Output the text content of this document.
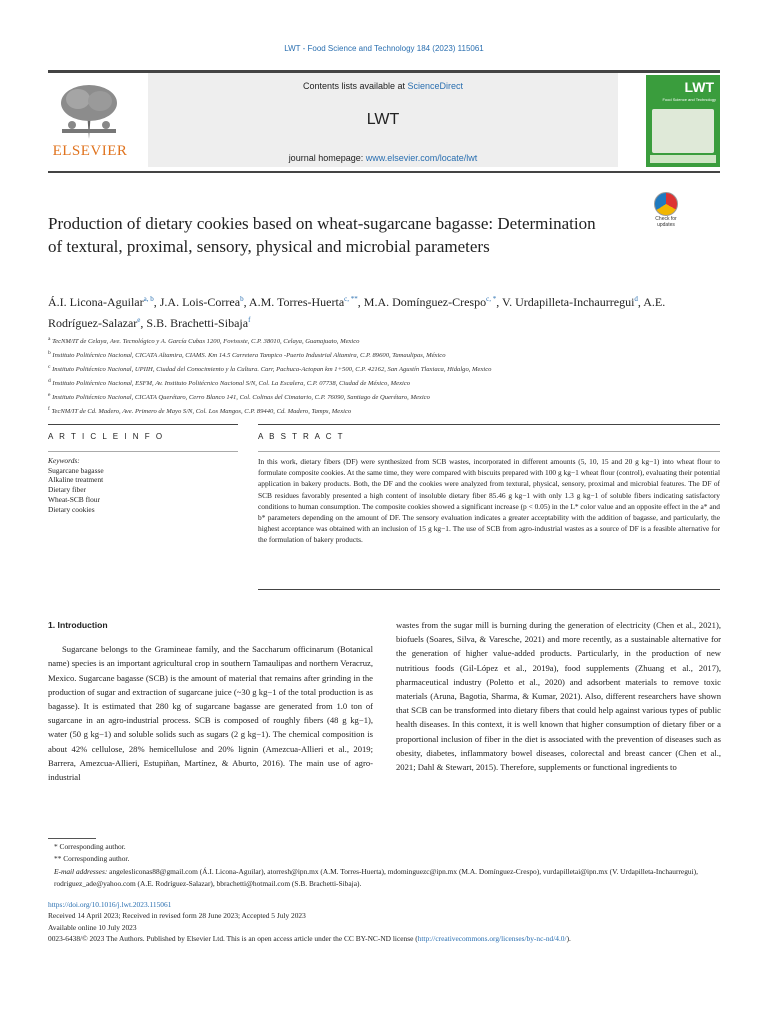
LWT - Food Science and Technology 184 (2023) 115061
ELSEVIER
Contents lists available at ScienceDirect
LWT
journal homepage: www.elsevier.com/locate/lwt
LWT
Food Science and Technology
Check for
updates
Production of dietary cookies based on wheat-sugarcane bagasse: Determination of textural, proximal, sensory, physical and microbial parameters
Á.I. Licona-Aguilar$^{a, b}$, J.A. Lois-Correa$^b$, A.M. Torres-Huerta$^{c, **}$, M.A. Domínguez-Crespo$^{c, *}$, V. Urdapilleta-Inchaurregui$^d$, A.E. Rodríguez-Salazar$^e$, S.B. Brachetti-Sibaja$^f$
$^a$ TecNM/IT de Celaya, Ave. Tecnológico y A. García Cubas 1200, Fovissste, C.P. 38010, Celaya, Guanajuato, Mexico
$^b$ Instituto Politécnico Nacional, CICATA Altamira, CIAMS. Km 14.5 Carretera Tampico -Puerto Industrial Altamira, C.P. 89600, Tamaulipas, México
$^c$ Instituto Politécnico Nacional, UPIIH, Ciudad del Conocimiento y la Cultura. Carr, Pachuca-Actopan km 1+500, C.P. 42162, San Agustín Tlaxiaca, Hidalgo, Mexico
$^d$ Instituto Politécnico Nacional, ESFM, Av. Instituto Politécnico Nacional S/N, Col. La Escalera, C.P. 07738, Ciudad de México, Mexico
$^e$ Instituto Politécnico Nacional, CICATA Querétaro, Cerro Blanco 141, Col. Colinas del Cimatario, C.P. 76090, Santiago de Querétaro, Mexico
$^f$ TecNM/IT de Cd. Madero, Ave. Primero de Mayo S/N, Col. Los Mangos, C.P. 89440, Cd. Madero, Tamps, Mexico
A R T I C L E I N F O	A B S T R A C T
Keywords:
Sugarcane bagasse
Alkaline treatment
Dietary fiber
Wheat-SCB flour
Dietary cookies
In this work, dietary fibers (DF) were synthesized from SCB wastes, incorporated in different amounts (5, 10, 15 and 20 g kg−1) into wheat flour to formulate composite cookies. At the same time, they were compared with biscuits prepared with 100 g kg−1 wheat flour (control), evaluating their potential application in bakery products. Both, the DF and the cookies were analyzed from textural, physical, sensory, proximal and microbial features. The DF of SCB residues favorably presented a high content of insoluble dietary fiber 85.46 g kg−1 with only 1.3 g kg−1 of soluble fibers indicating satisfactory conditions to human consumption. The composite cookies showed a significant increase (p < 0.05) in the L* color value and an opposite effect in the a* and b* parameters depending on the amount of DF. The sensory evaluation indicates a greater acceptability with the addition of bagasse, and particularly, the highest acceptance was obtained with an inclusion of 15 g kg−1. The use of SCB from agro-industrial wastes as a source of DF is a feasible alternative for the formulation of bakery products.
1. Introduction

Sugarcane belongs to the Gramineae family, and the Saccharum officinarum (Botanical name) species is an important agricultural crop in southern Tamaulipas and northern Veracruz, Mexico. Sugarcane bagasse (SCB) is the amount of material that remains after grinding in the production of sugar and extraction of sugarcane juice (~30 g kg−1 of the total production is as bagasse). It is estimated that 280 kg of sugarcane bagasse are generated from 1.0 ton of sugarcane in an agro-industrial process. SCB is composed of roughly fibers (48 g kg−1), water (50 g kg−1) and soluble solids such as sugars (2 g kg−1). The chemical composition is about 42% cellulose, 28% hemicellulose and 20% lignin (Amezcua-Allieri et al., 2019; Barrera, Amezcua-Allieri, Estupiñan, Martínez, & Aburto, 2016). The main use of agro-industrial

wastes from the sugar mill is burning during the generation of electricity (Chen et al., 2021), biofuels (Soares, Silva, & Varesche, 2021) and more recently, as a sustainable alternative for the generation of higher value-added products. Particularly, in the production of new nutritious foods (Gil-López et al., 2019a), food supplements (Zhuang et al., 2017), pharmaceutical industry (Poletto et al., 2020) and adsorbent materials to remove toxic materials (Aruna, Bagotia, Sharma, & Kumar, 2021). Also, different researchers have shown that SCB can be transformed into dietary fibers that could help against various types of public health diseases. In this context, it is well known that higher consumption of dietary fiber or a proportional inclusion of fiber in the diet is associated with the prevention of diseases such as obesity, diabetes, inflammatory bowel diseases, colorectal and breast cancer (Chen et al., 2021; Dahl & Stewart, 2015). Therefore, supplements or functional ingredients to

* Corresponding author.
** Corresponding author.
E-mail addresses: angelesliconas88@gmail.com (Á.I. Licona-Aguilar), atorresh@ipn.mx (A.M. Torres-Huerta), mdominguezc@ipn.mx (M.A. Domínguez-Crespo), vurdapilletai@ipn.mx (V. Urdapilleta-Inchaurregui), rodriguez_ade@yahoo.com (A.E. Rodríguez-Salazar), bbrachetti@hotmail.com (S.B. Brachetti-Sibaja).
https://doi.org/10.1016/j.lwt.2023.115061
Received 14 April 2023; Received in revised form 28 June 2023; Accepted 5 July 2023
Available online 10 July 2023
0023-6438/© 2023 The Authors. Published by Elsevier Ltd. This is an open access article under the CC BY-NC-ND license (http://creativecommons.org/licenses/by-nc-nd/4.0/).
